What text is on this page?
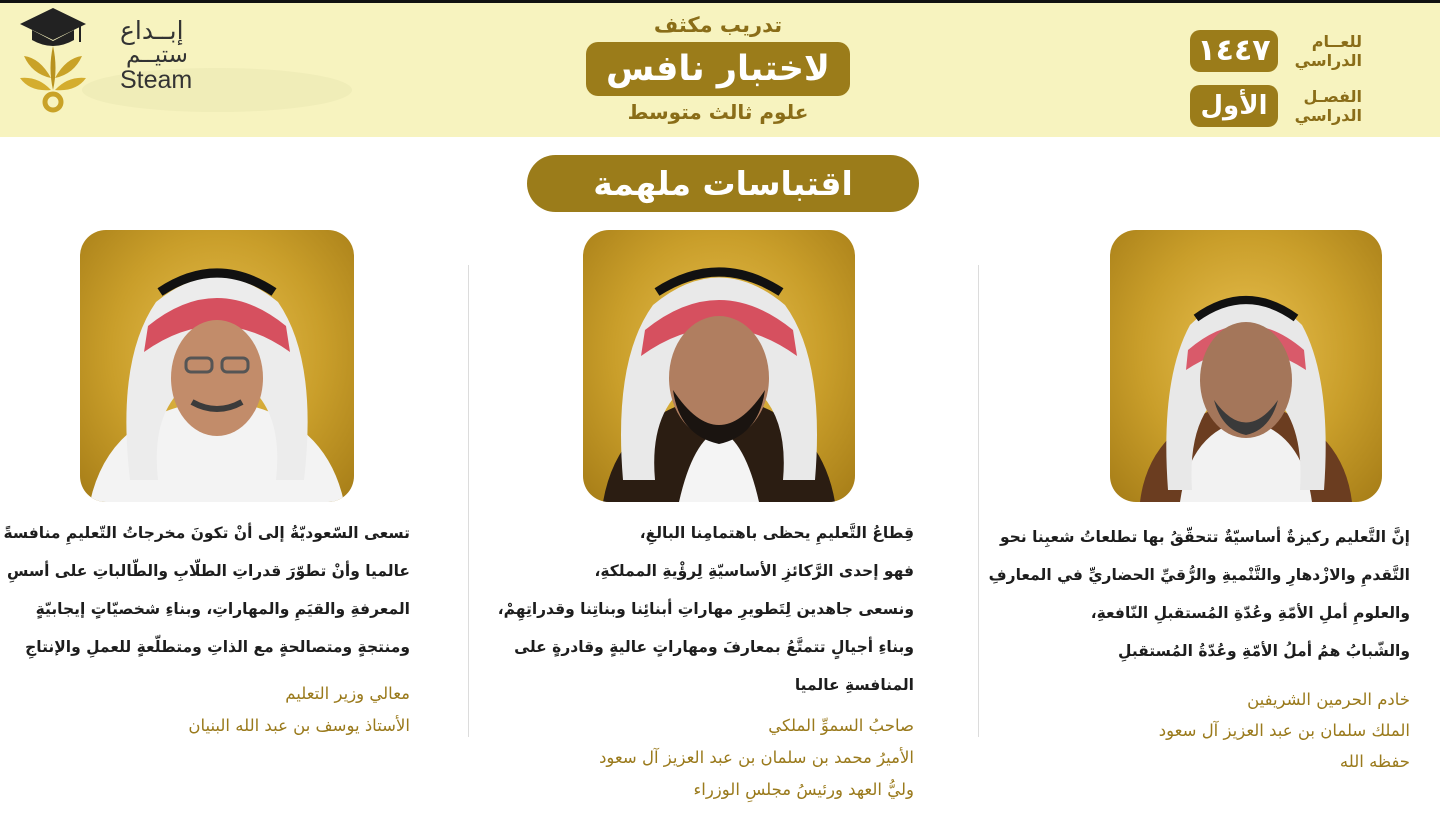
إبــداع
ستيــم
Steam
تدريب مكثف
لاختبار نافس
علوم ثالث متوسط
١٤٤٧	للعــام
الدراسي
الأول	الفصـل
الدراسي
اقتباسات ملهمة
إنَّ التَّعليم ركيزةٌ أساسيّةٌ تتحقّقُ بها تطلعاتُ شعبِنا نحو
التَّقدمِ والازْدهارِ والتَّنْميةِ والرُّقيِّ الحضاريِّ في المعارفِ
والعلومِ أملِ الأمّةِ وعُدّةِ المُستقبلِ النّافعةِ،
والشّبابُ همُ أملُ الأمّةِ وعُدّةُ المُستقبلِ
خادم الحرمين الشريفين
الملك سلمان بن عبد العزيز آل سعود
حفظه الله
قِطاعُ التَّعليمِ يحظى باهتمامِنا البالغِ،
فهو إحدى الرَّكائزِ الأساسيّةِ لِرؤْيةِ المملكةِ،
ونسعى جاهدين لِتَطويرِ مهاراتِ أبنائِنا وبناتِنا وقدراتِهِمْ،
وبناءِ أجيالٍ تتمتَّعُ بمعارفَ ومهاراتٍ عاليةٍ وقادرةٍ على
المنافسةِ عالميا
صاحبُ السموِّ الملكي
الأميرُ محمد بن سلمان بن عبد العزيز آل سعود
وليُّ العهد ورئيسُ مجلسِ الوزراء
تسعى السّعوديّةُ إلى أنْ تكونَ مخرجاتُ التّعليمِ منافسةً
عالميا وأنْ تطوّرَ قدراتِ الطلّابِ والطّالباتِ على أسسِ
المعرفةِ والقيَمِ والمهاراتِ، وبناءِ شخصيّاتٍ إيجابيّةٍ
ومنتجةٍ ومتصالحةٍ مع الذاتِ ومتطلّعةٍ للعملِ والإنتاجِ
معالي وزير التعليم
الأستاذ يوسف بن عبد الله البنيان
